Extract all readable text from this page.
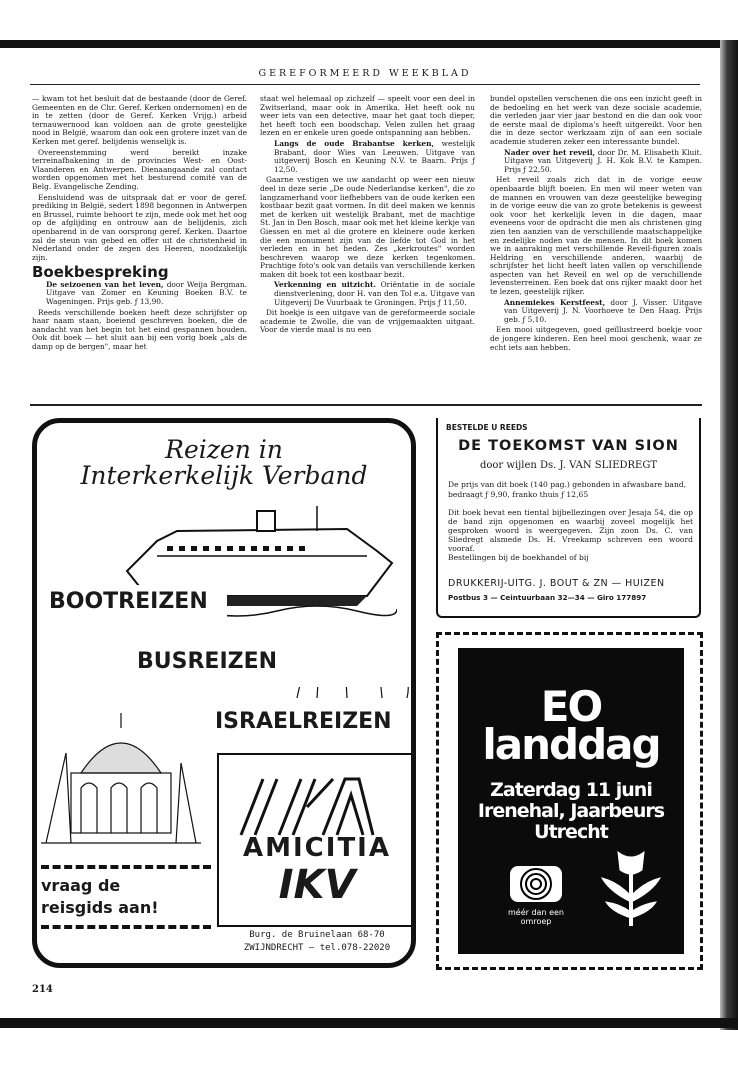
GEREFORMEERD WEEKBLAD

— kwam tot het besluit dat de bestaande (door de Geref. Gemeenten en de Chr. Geref. Kerken ondernomen) en de in te zetten (door de Geref. Kerken Vrijg.) arbeid ternauwernood kan voldoen aan de grote geestelijke nood in België, waarom dan ook een grotere inzet van de Kerken met geref. belijdenis wenselijk is.

Overeenstemming werd bereikt inzake terreinafbakening in de provincies West- en Oost-Vlaanderen en Antwerpen. Dienaangaande zal contact worden opgenomen met het besturend comité van de Belg. Evangelische Zending.

Eensluidend was de uitspraak dat er voor de geref. prediking in België, sedert 1898 begonnen in Antwerpen en Brussel, ruimte behoort te zijn, mede ook met het oog op de afglijding en ontrouw aan de belijdenis, zich openbarend in de van oorsprong geref. Kerken. Daartoe zal de steun van gebed en offer uit de christenheid in Nederland onder de zegen des Heeren, noodzakelijk zijn.

Boekbespreking

De seizoenen van het leven, door Weija Bergman. Uitgave van Zomer en Keuning Boeken B.V. te Wageningen. Prijs geb. ƒ 13,90.

Reeds verschillende boeken heeft deze schrijfster op haar naam staan, boeiend geschreven boeken, die de aandacht van het begin tot het eind gespannen houden. Ook dit boek — het sluit aan bij een vorig boek „als de damp op de bergen", maar het

staat wel helemaal op zichzelf — speelt voor een deel in Zwitserland, maar ook in Amerika. Het heeft ook nu weer iets van een detective, maar het gaat toch dieper, het heeft toch een boodschap. Velen zullen het graag lezen en er enkele uren goede ontspanning aan hebben.

Langs de oude Brabantse kerken, westelijk Brabant, door Wies van Leeuwen. Uitgave van uitgeverij Bosch en Keuning N.V. te Baarn. Prijs ƒ 12,50.

Gaarne vestigen we uw aandacht op weer een nieuw deel in deze serie „De oude Nederlandse kerken", die zo langzamerhand voor liefhebbers van de oude kerken een kostbaar bezit gaat vormen. In dit deel maken we kennis met de kerken uit westelijk Brabant, met de machtige St. Jan in Den Bosch, maar ook met het kleine kerkje van Giessen en met al die grotere en kleinere oude kerken die een monument zijn van de liefde tot God in het verleden en in het heden. Zes „kerkroutes" worden beschreven waarop we deze kerken tegenkomen. Prachtige foto's ook van details van verschillende kerken maken dit boek tot een kostbaar bezit.

Verkenning en uitzicht. Oriëntatie in de sociale dienstverlening, door H. van den Tol e.a. Uitgave van Uitgeverij De Vuurbaak te Groningen. Prijs ƒ 11,50.

Dit boekje is een uitgave van de gereformeerde sociale academie te Zwolle, die van de vrijgemaakten uitgaat. Voor de vierde maal is nu een

bundel opstellen verschenen die ons een inzicht geeft in de bedoeling en het werk van deze sociale academie, die verleden jaar vier jaar bestond en die dan ook voor de eerste maal de diploma's heeft uitgereikt. Voor hen die in deze sector werkzaam zijn of aan een sociale academie studeren zeker een interessante bundel.

Nader over het reveil, door Dr. M. Elisabeth Kluit. Uitgave van Uitgeverij J. H. Kok B.V. te Kampen. Prijs ƒ 22,50.

Het reveil zoals zich dat in de vorige eeuw openbaarde blijft boeien. En men wil meer weten van de mannen en vrouwen van deze geestelijke beweging in de vorige eeuw die van zo grote betekenis is geweest ook voor het kerkelijk leven in die dagen, maar eveneens voor de opdracht die men als christenen ging zien ten aanzien van de verschillende maatschappelijke en zedelijke noden van de mensen. In dit boek komen we in aanraking met verschillende Reveil-figuren zoals Heldring en verschillende anderen, waarbij de schrijfster het licht heeft laten vallen op verschillende aspecten van het Reveil en wel op de verschillende levensterreinen. Een boek dat ons rijker maakt door het te lezen, geestelijk rijker.

Annemiekes Kerstfeest, door J. Visser. Uitgave van Uitgeverij J. N. Voorhoeve te Den Haag. Prijs geb. ƒ 5,10.

Een mooi uitgegeven, goed geïllustreerd boekje voor de jongere kinderen. Een heel mooi geschenk, waar ze echt iets aan hebben.

Reizen in
Interkerkelijk Verband
BOOTREIZEN
BUSREIZEN
ISRAELREIZEN
vraag de
reisgids aan!
AMICITIA
IKV
Burg. de Bruinelaan 68-70
ZWIJNDRECHT – tel.078-22020
BESTELDE U REEDS
DE TOEKOMST VAN SION
door wijlen Ds. J. VAN SLIEDREGT
De prijs van dit boek (140 pag.) gebonden in afwasbare band, bedraagt ƒ 9,90, franko thuis ƒ 12,65
Dit boek bevat een tiental bijbellezingen over Jesaja 54, die op de band zijn opgenomen en waarbij zoveel mogelijk het gesproken woord is weergegeven. Zijn zoon Ds. C. van Sliedregt alsmede Ds. H. Vreekamp schreven een woord vooraf.
Bestellingen bij de boekhandel of bij
DRUKKERIJ-UITG. J. BOUT & ZN — HUIZEN
Postbus 3 — Ceintuurbaan 32—34 — Giro 177897
EO
landdag
Zaterdag 11 juni
Irenehal, Jaarbeurs
Utrecht
méér dan een
omroep
214
